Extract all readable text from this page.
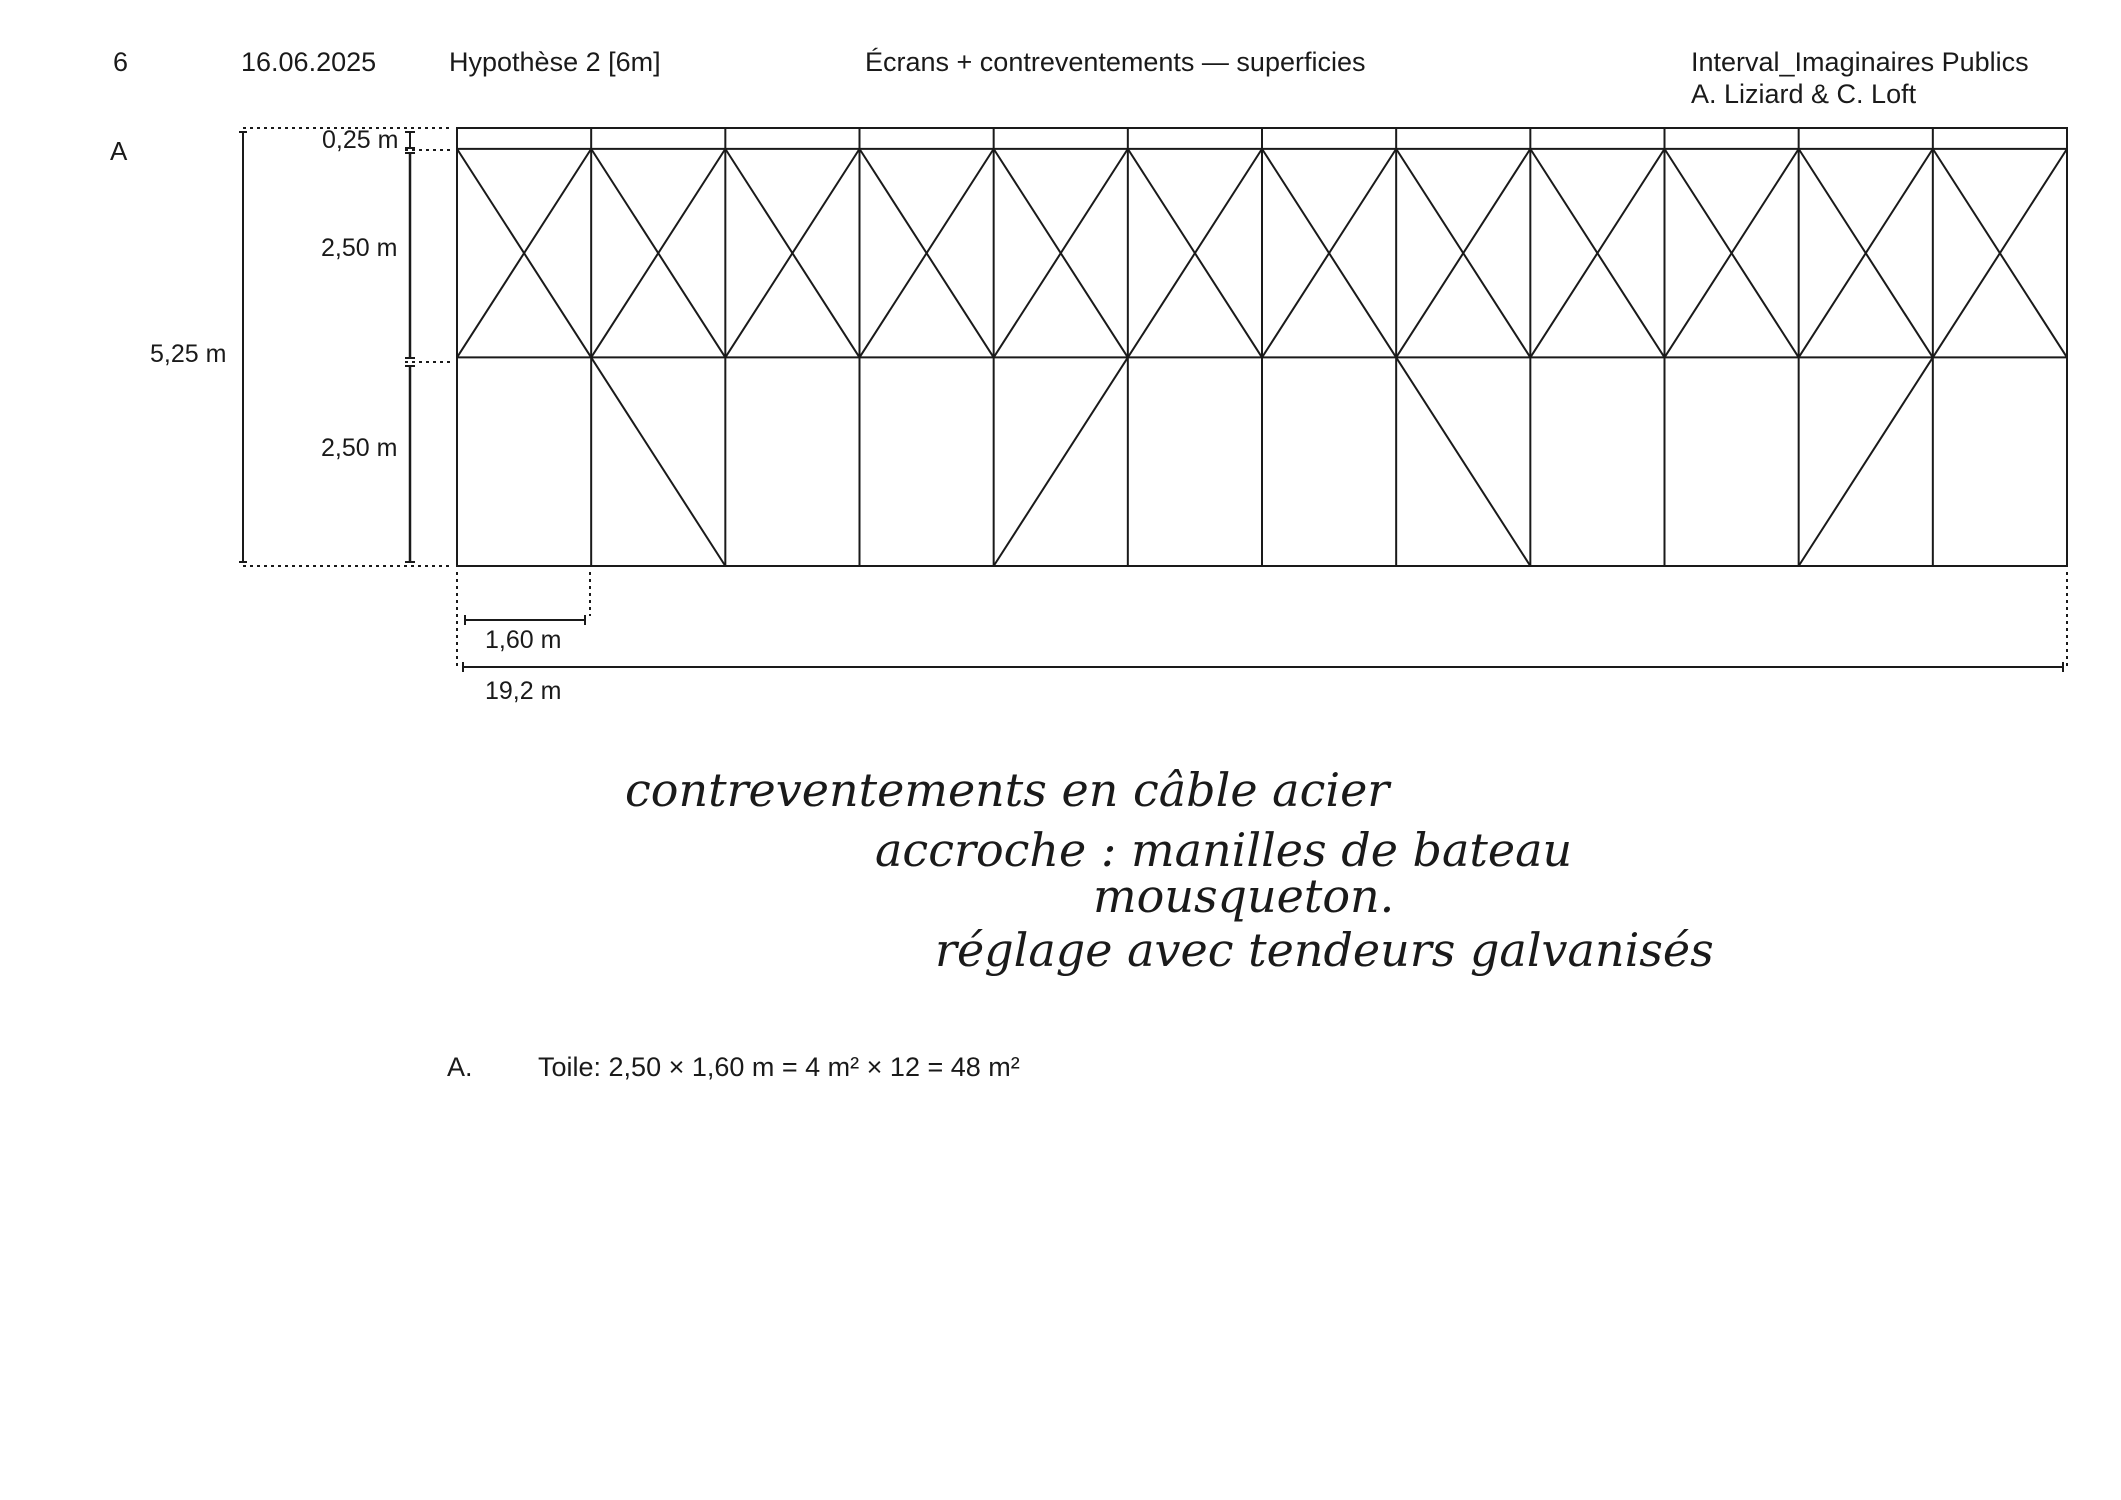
6	16.06.2025	Hypothèse 2 [6m]	Écrans + contreventements — superficies	Interval_Imaginaires Publics
A. Liziard & C. Loft
A	0,25 m
2,50 m
2,50 m
5,25 m
1,60 m
19,2 m
contreventements en câble acier
accroche : manilles de bateau
mousqueton.
réglage avec tendeurs galvanisés
A. Toile: 2,50 × 1,60 m = 4 m² × 12 = 48 m²
